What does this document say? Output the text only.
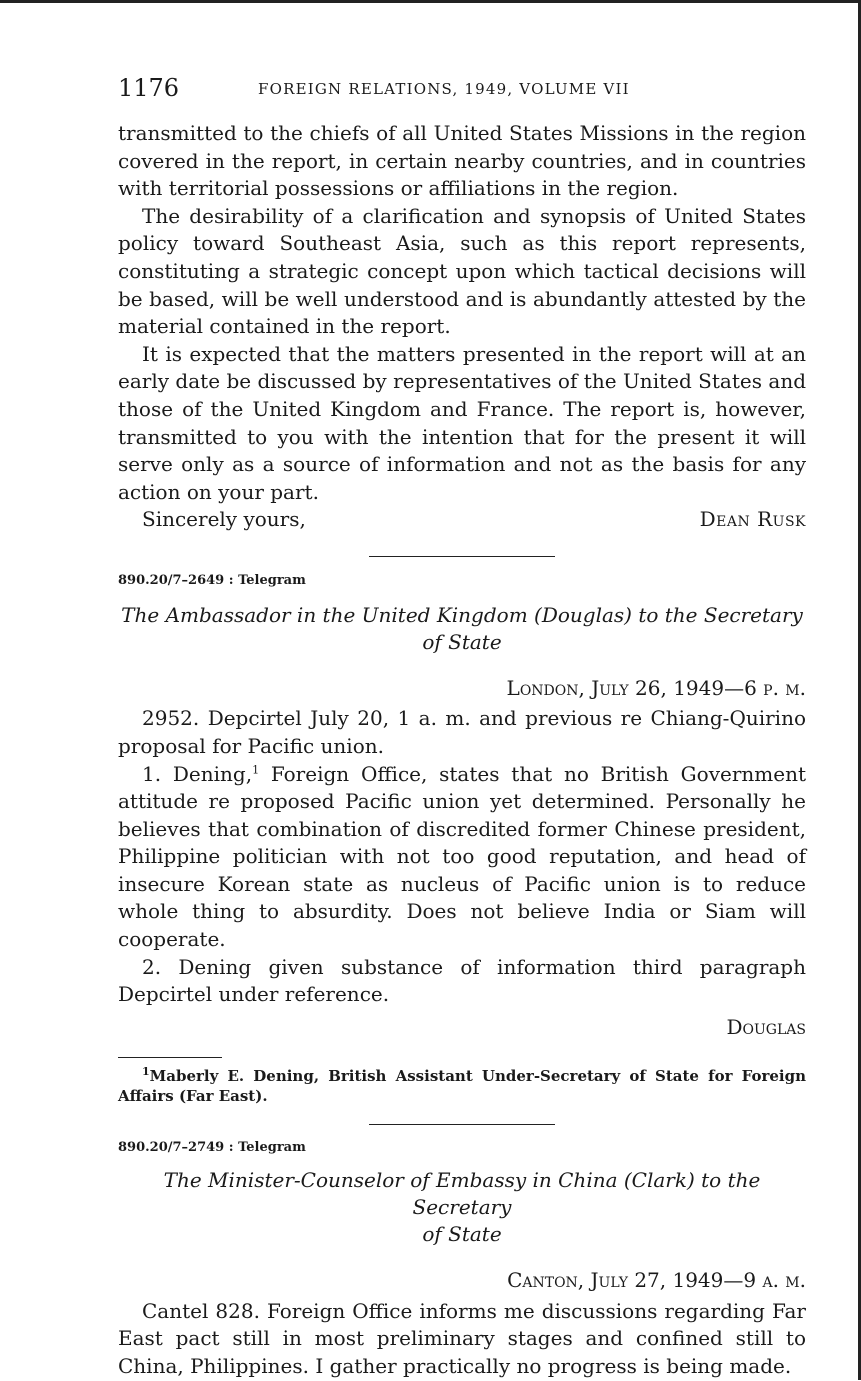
1176	FOREIGN RELATIONS, 1949, VOLUME VII

transmitted to the chiefs of all United States Missions in the region covered in the report, in certain nearby countries, and in countries with territorial possessions or affiliations in the region.

The desirability of a clarification and synopsis of United States policy toward Southeast Asia, such as this report represents, constituting a strategic concept upon which tactical decisions will be based, will be well understood and is abundantly attested by the material contained in the report.

It is expected that the matters presented in the report will at an early date be discussed by representatives of the United States and those of the United Kingdom and France. The report is, however, transmitted to you with the intention that for the present it will serve only as a source of information and not as the basis for any action on your part.

Sincerely yours,	Dean Rusk

890.20/7–2649 : Telegram

The Ambassador in the United Kingdom (Douglas) to the Secretary

of State

London, July 26, 1949—6 p. m.

2952. Depcirtel July 20, 1 a. m. and previous re Chiang-Quirino proposal for Pacific union.

1. Dening,$^1$ Foreign Office, states that no British Government attitude re proposed Pacific union yet determined. Personally he believes that combination of discredited former Chinese president, Philippine politician with not too good reputation, and head of insecure Korean state as nucleus of Pacific union is to reduce whole thing to absurdity. Does not believe India or Siam will cooperate.

2. Dening given substance of information third paragraph Depcirtel under reference.

Douglas

$^1$Maberly E. Dening, British Assistant Under-Secretary of State for Foreign Affairs (Far East).

890.20/7–2749 : Telegram

The Minister-Counselor of Embassy in China (Clark) to the Secretary

of State

Canton, July 27, 1949—9 a. m.

Cantel 828. Foreign Office informs me discussions regarding Far East pact still in most preliminary stages and confined still to China, Philippines. I gather practically no progress is being made.
